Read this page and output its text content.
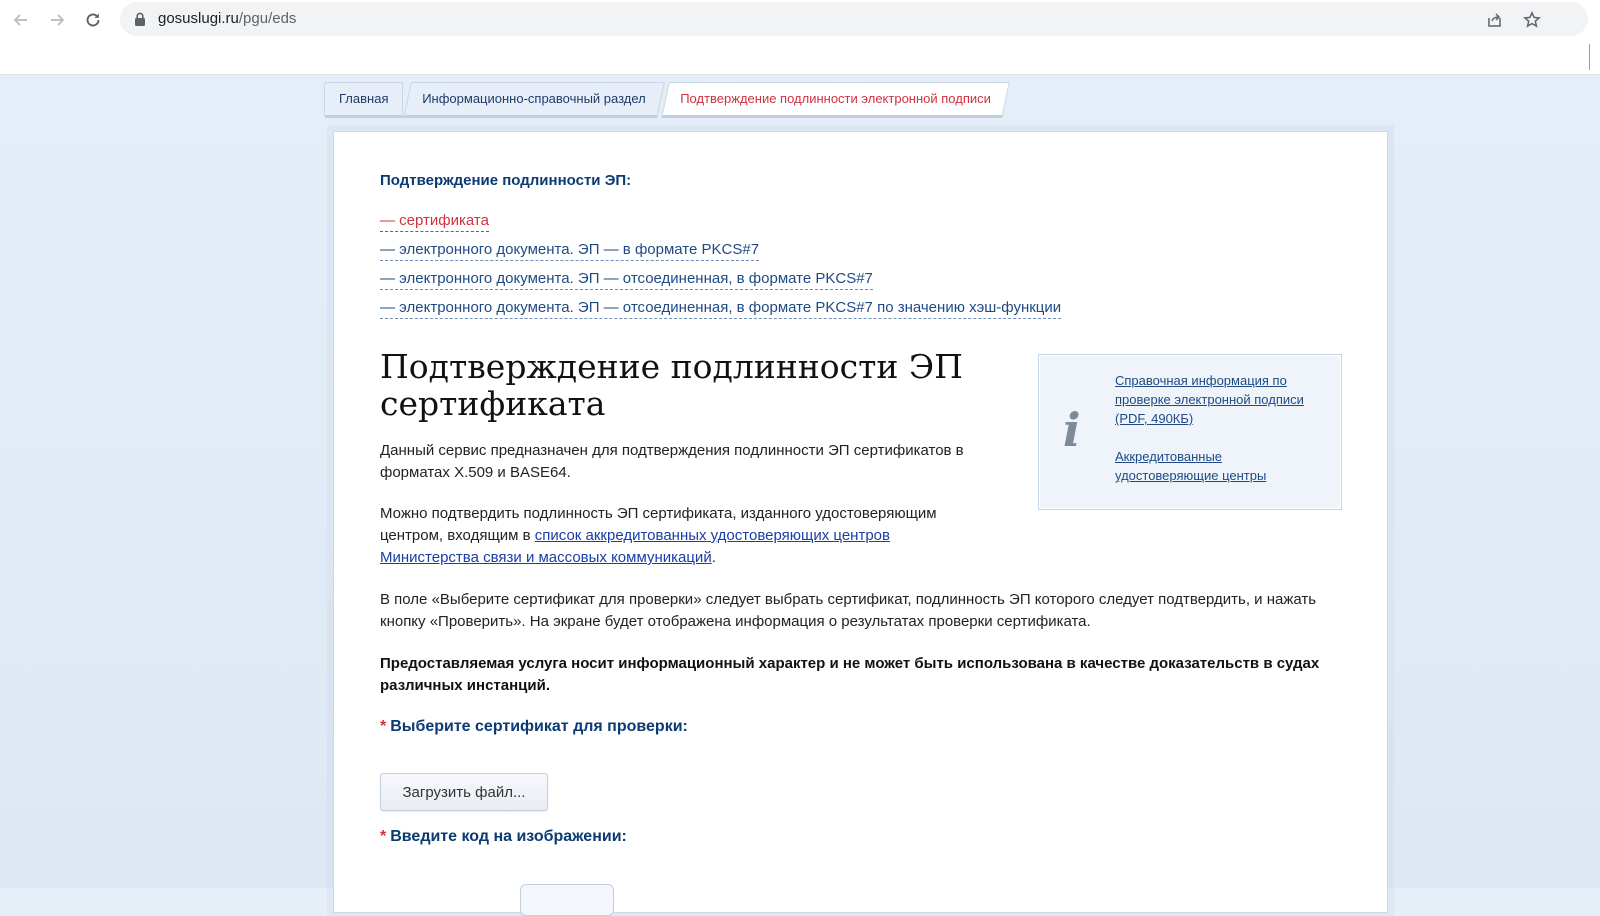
gosuslugi.ru/pgu/eds
Главная	Информационно-справочный раздел	Подтверждение подлинности электронной подписи
Подтверждение подлинности ЭП:
— сертификата
— электронного документа. ЭП — в формате PKCS#7
— электронного документа. ЭП — отсоединенная, в формате PKCS#7
— электронного документа. ЭП — отсоединенная, в формате PKCS#7 по значению хэш-функции
Подтверждение подлинности ЭП сертификата

Данный сервис предназначен для подтверждения подлинности ЭП сертификатов в форматах X.509 и BASE64.

Можно подтвердить подлинность ЭП сертификата, изданного удостоверяющим центром, входящим в список аккредитованных удостоверяющих центров Министерства связи и массовых коммуникаций.

В поле «Выберите сертификат для проверки» следует выбрать сертификат, подлинность ЭП которого следует подтвердить, и нажать кнопку «Проверить». На экране будет отображена информация о результатах проверки сертификата.

Предоставляемая услуга носит информационный характер и не может быть использована в качестве доказательств в судах различных инстанций.

i
Справочная информация по проверке электронной подписи (PDF, 490КБ)
Аккредитованные удостоверяющие центры
* Выберите сертификат для проверки:
Загрузить файл...
* Введите код на изображении:
